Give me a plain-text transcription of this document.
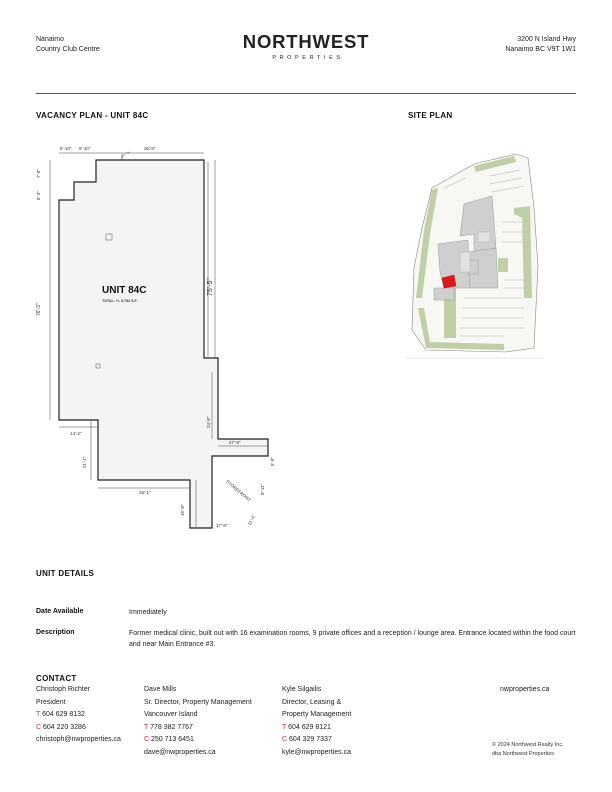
Nanaimo
Country Club Centre	NORTHWEST
PROPERTIES
3200 N Island Hwy
Nanaimo BC V9T 1W1
VACANCY PLAN - UNIT 84C	SITE PLAN
5'-10" 6'-10"	36'-8"
7'-8"
6'-3"
76'-3"
75'-5"
24'-8"
14'-2"
21'-1"
25'-1"
27'-8"
15'-8"
17'-8"	11'-4"
5'-9"
8'-11"
STOREFRONT
UNIT 84C
TOTAL: +/- 5,792 S.F.
UNIT DETAILS
Date Available	Immediately
Description	Former medical clinic, built out with 16 examination rooms, 9 private offices and a reception / lounge area. Entrance located within the food court and near Main Entrance #3.
CONTACT
Christoph Richter
President
T 604 629 8132
C 604 220 3286
christoph@nwproperties.ca
Dave Mills
Sr. Director, Property Management
Vancouver Island
T 778 382 7767
C 250 713 6451
dave@nwproperties.ca
Kyle Silgailis
Director, Leasing &
Property Management
T 604 629 8121
C 604 329 7337
kyle@nwproperties.ca
nwproperties.ca
© 2024 Northwest Realty Inc.
dba Northwest Properties
